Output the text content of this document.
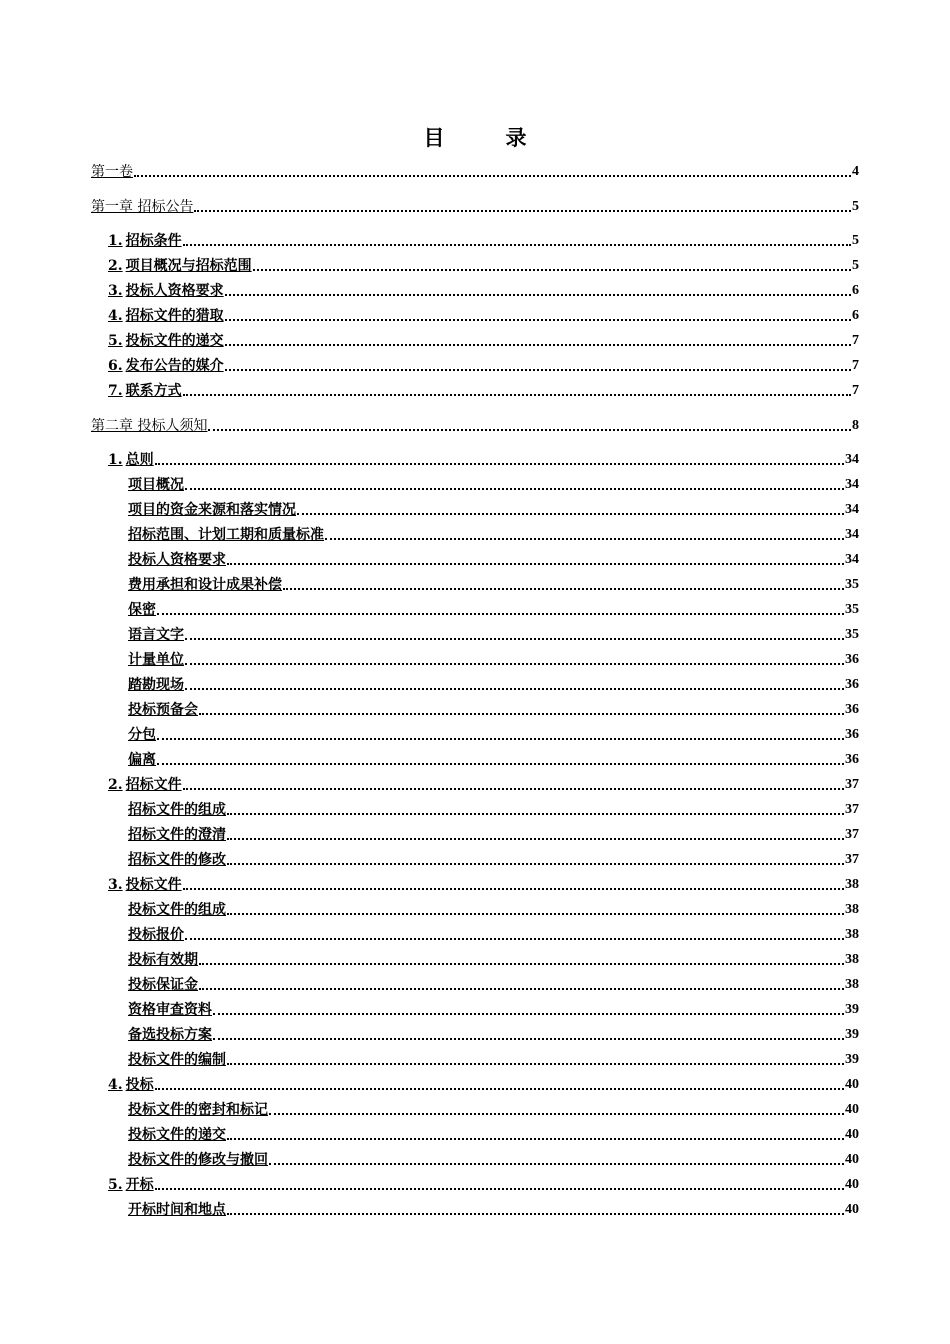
目　录
第一卷	4
第一章 招标公告	5
1. 招标条件	5
2. 项目概况与招标范围	5
3. 投标人资格要求	6
4. 招标文件的猎取	6
5. 投标文件的递交	7
6. 发布公告的媒介	7
7. 联系方式	7
第二章 投标人须知	8
1. 总则	34
项目概况	34
项目的资金来源和落实情况	34
招标范围、计划工期和质量标准	34
投标人资格要求	34
费用承担和设计成果补偿	35
保密	35
语言文字	35
计量单位	36
踏勘现场	36
投标预备会	36
分包	36
偏离	36
2. 招标文件	37
招标文件的组成	37
招标文件的澄清	37
招标文件的修改	37
3. 投标文件	38
投标文件的组成	38
投标报价	38
投标有效期	38
投标保证金	38
资格审查资料	39
备选投标方案	39
投标文件的编制	39
4. 投标	40
投标文件的密封和标记	40
投标文件的递交	40
投标文件的修改与撤回	40
5. 开标	40
开标时间和地点	40
